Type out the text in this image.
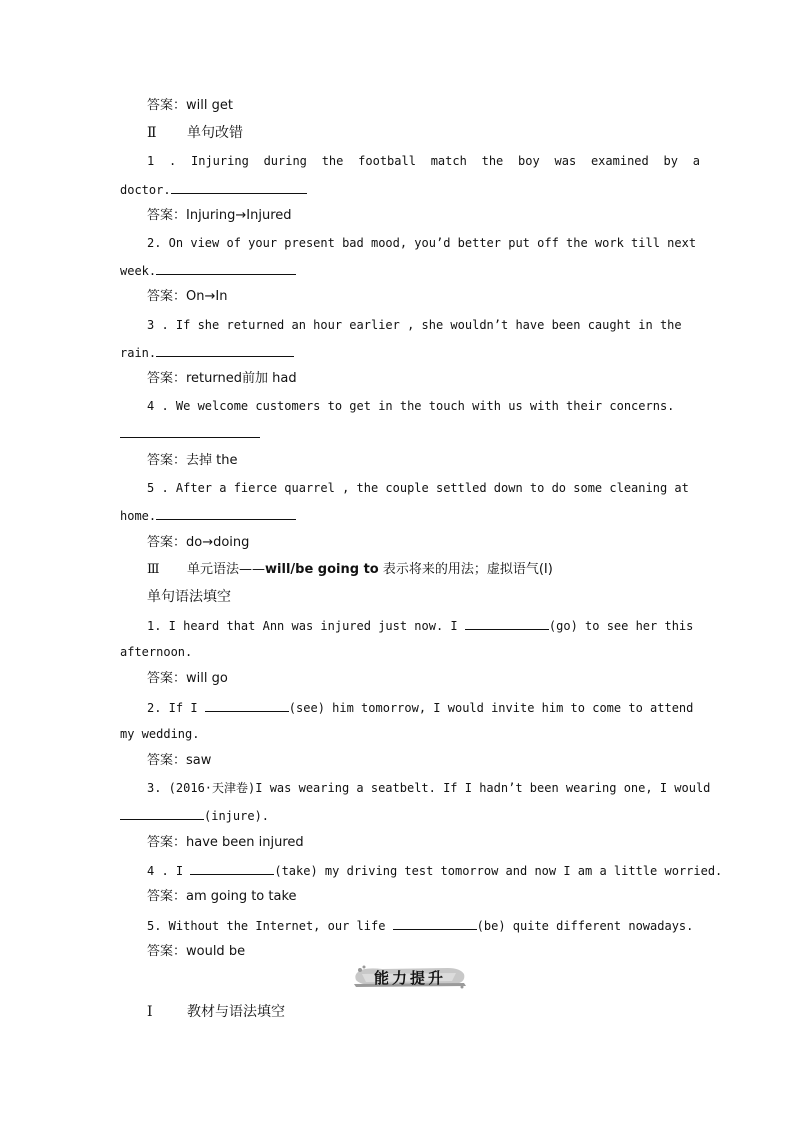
答案：will get
Ⅱ 单句改错
1 . Injuring during the football match the boy was examined by a
doctor.
答案：Injuring→Injured
2. On view of your present bad mood, you’d better put off the work till next
week.
答案：On→In
3 . If she returned an hour earlier , she wouldn’t have been caught in the
rain.
答案：returned前加 had
4 . We welcome customers to get in the touch with us with their concerns.
答案：去掉 the
5 . After a fierce quarrel , the couple settled down to do some cleaning at
home.
答案：do→doing
Ⅲ 单元语法——will/be going to 表示将来的用法；虚拟语气(Ⅰ)
单句语法填空
1. I heard that Ann was injured just now. I	(go) to see her this
afternoon.
答案：will go
2. If I	(see) him tomorrow, I would invite him to come to attend
my wedding.
答案：saw
3. (2016·天津卷)I was wearing a seatbelt. If I hadn’t been wearing one, I would
(injure).
答案：have been injured
4 . I	(take) my driving test tomorrow and now I am a little worried.
答案：am going to take
5. Without the Internet, our life	(be) quite different nowadays.
答案：would be
能力提升
Ⅰ 教材与语法填空
